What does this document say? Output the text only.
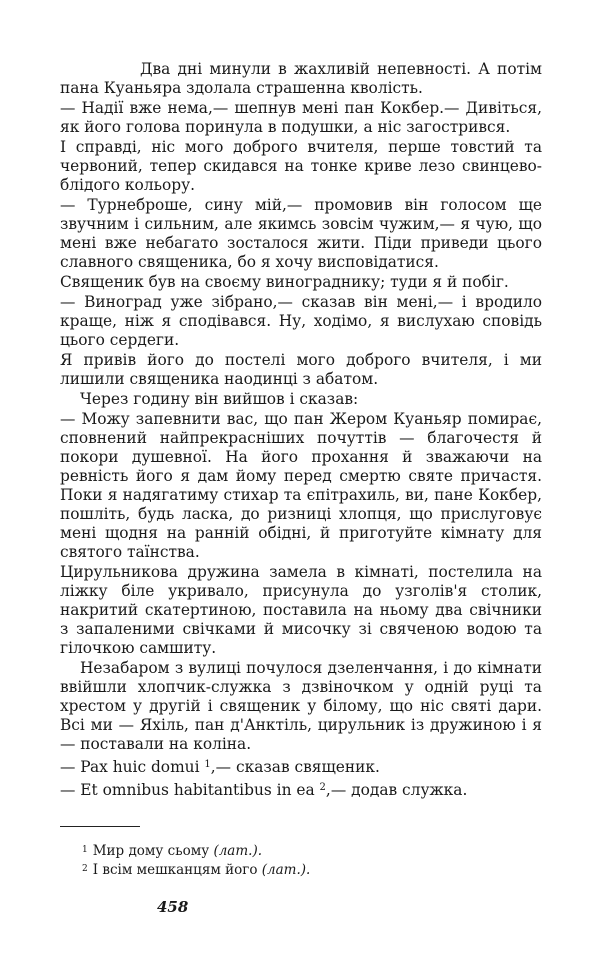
Два дні минули в жахливій непевності. А потім пана Куаньяра здолала страшенна кволість.

— Надії вже нема,— шепнув мені пан Кокбер.— Дивіться, як його голова поринула в подушки, а ніс загострився.

І справді, ніс мого доброго вчителя, перше товстий та червоний, тепер скидався на тонке криве лезо свинцево-блідого кольору.

— Турнеброше, сину мій,— промовив він голосом ще звучним і сильним, але якимсь зовсім чужим,— я чую, що мені вже небагато зосталося жити. Піди приведи цього славного священика, бо я хочу висповідатися.

Священик був на своєму винограднику; туди я й побіг.

— Виноград уже зібрано,— сказав він мені,— і вродило краще, ніж я сподівався. Ну, ходімо, я вислухаю сповідь цього сердеги.

Я привів його до постелі мого доброго вчителя, і ми лишили священика наодинці з абатом.

Через годину він вийшов і сказав:

— Можу запевнити вас, що пан Жером Куаньяр помирає, сповнений найпрекрасніших почуттів — благочестя й покори душевної. На його прохання й зважаючи на ревність його я дам йому перед смертю святе причастя. Поки я надягатиму стихар та єпітрахиль, ви, пане Кокбер, пошліть, будь ласка, до ризниці хлопця, що прислуговує мені щодня на ранній обідні, й приготуйте кімнату для святого таїнства.

Цирульникова дружина замела в кімнаті, постелила на ліжку біле укривало, присунула до узголів'я столик, накритий скатертиною, поставила на ньому два свічники з запаленими свічками й мисочку зі свяченою водою та гілочкою самшиту.

Незабаром з вулиці почулося дзеленчання, і до кімнати ввійшли хлопчик-служка з дзвіночком у одній руці та хрестом у другій і священик у білому, що ніс святі дари. Всі ми — Яхіль, пан д'Анктіль, цирульник із дружиною і я — поставали на коліна.

— Pax huic domui $^1$,— сказав священик.

— Et omnibus habitantibus in ea $^2$,— додав служка.

$^1$ Мир дому сьому (лат.).

$^2$ І всім мешканцям його (лат.).

458
